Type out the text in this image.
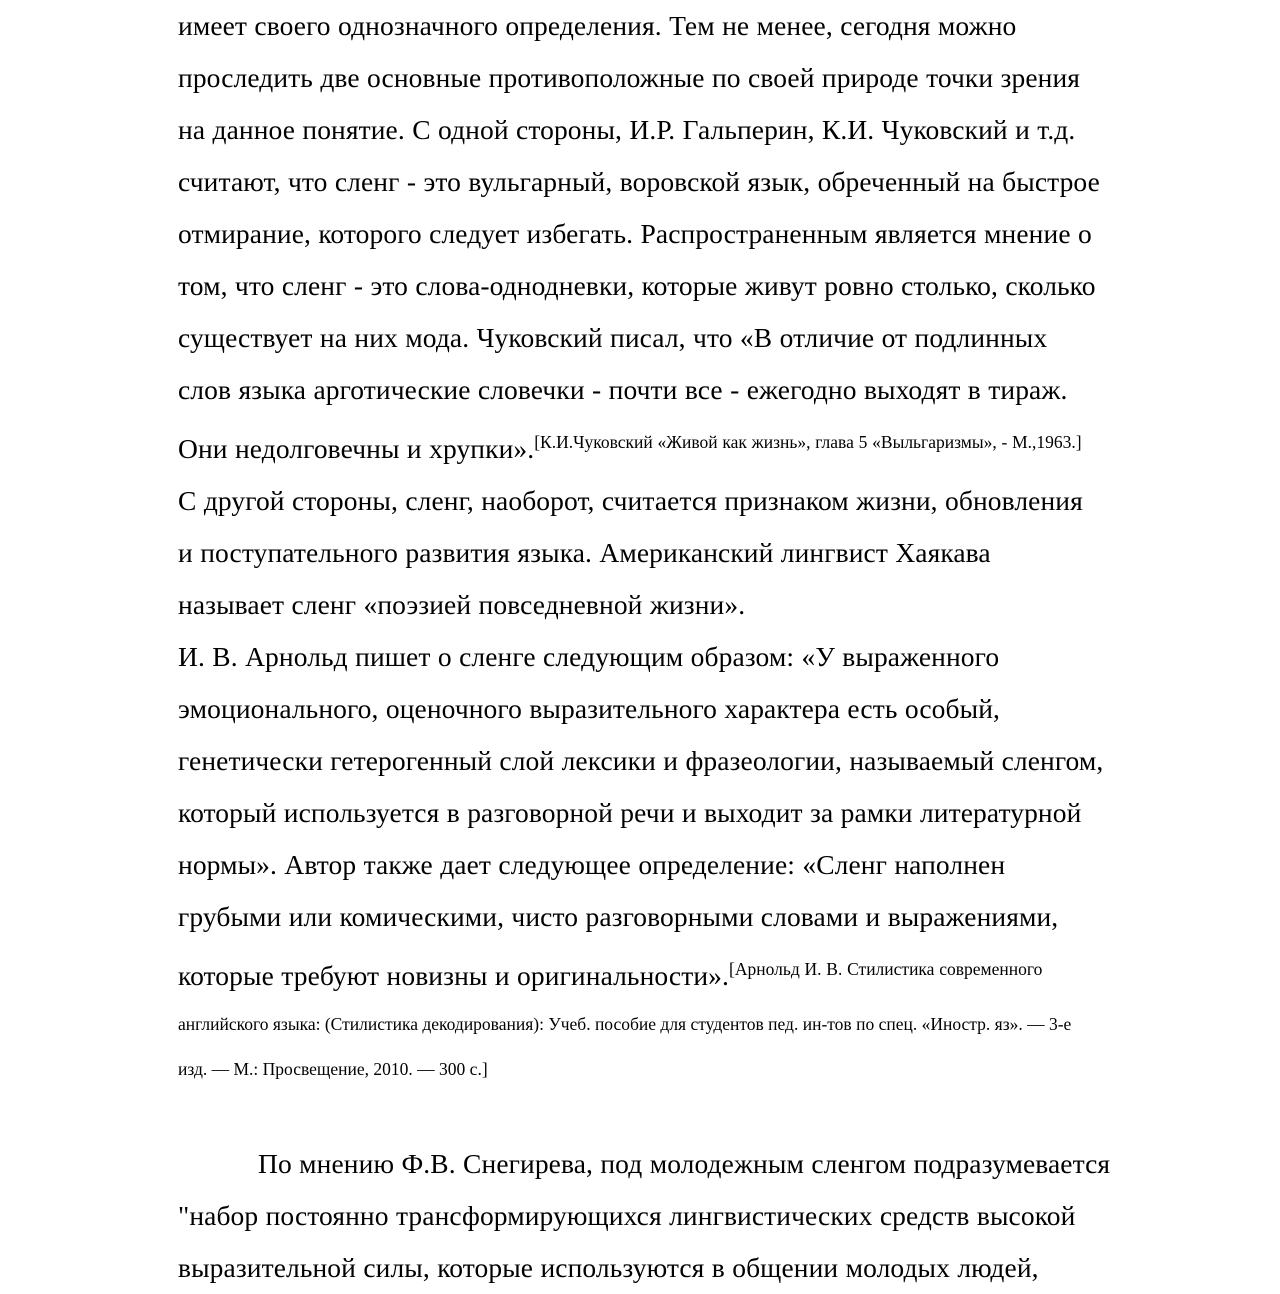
имеет своего однозначного определения. Тем не менее, сегодня можно
проследить две основные противоположные по своей природе точки зрения
на данное понятие. С одной стороны, И.Р. Гальперин, К.И. Чуковский и т.д.
считают, что сленг - это вульгарный, воровской язык, обреченный на быстрое
отмирание, которого следует избегать. Распространенным является мнение о
том, что сленг - это слова-однодневки, которые живут ровно столько, сколько
существует на них мода. Чуковский писал, что «В отличие от подлинных
слов языка арготические словечки - почти все - ежегодно выходят в тираж.
Они недолговечны и хрупки».[К.И.Чуковский «Живой как жизнь», глава 5 «Выльгаризмы», - М.,1963.]

С другой стороны, сленг, наоборот, считается признаком жизни, обновления
и поступательного развития языка. Американский лингвист Хаякава
называет сленг «поэзией повседневной жизни».

И. В. Арнольд пишет о сленге следующим образом: «У выраженного
эмоционального, оценочного выразительного характера есть особый,
генетически гетерогенный слой лексики и фразеологии, называемый сленгом,
который используется в разговорной речи и выходит за рамки литературной
нормы». Автор также дает следующее определение: «Сленг наполнен
грубыми или комическими, чисто разговорными словами и выражениями,
которые требуют новизны и оригинальности».$^{[Арнольд И. В. Стилистика современного}$

английского языка: (Стилистика декодирования): Учеб. пособие для студентов пед. ин-тов по спец. «Иностр. яз». — 3-е
изд. — М.: Просвещение, 2010. — 300 с.]

По мнению Ф.В. Снегирева, под молодежным сленгом подразумевается
"набор постоянно трансформирующихся лингвистических средств высокой
выразительной силы, которые используются в общении молодых людей,
